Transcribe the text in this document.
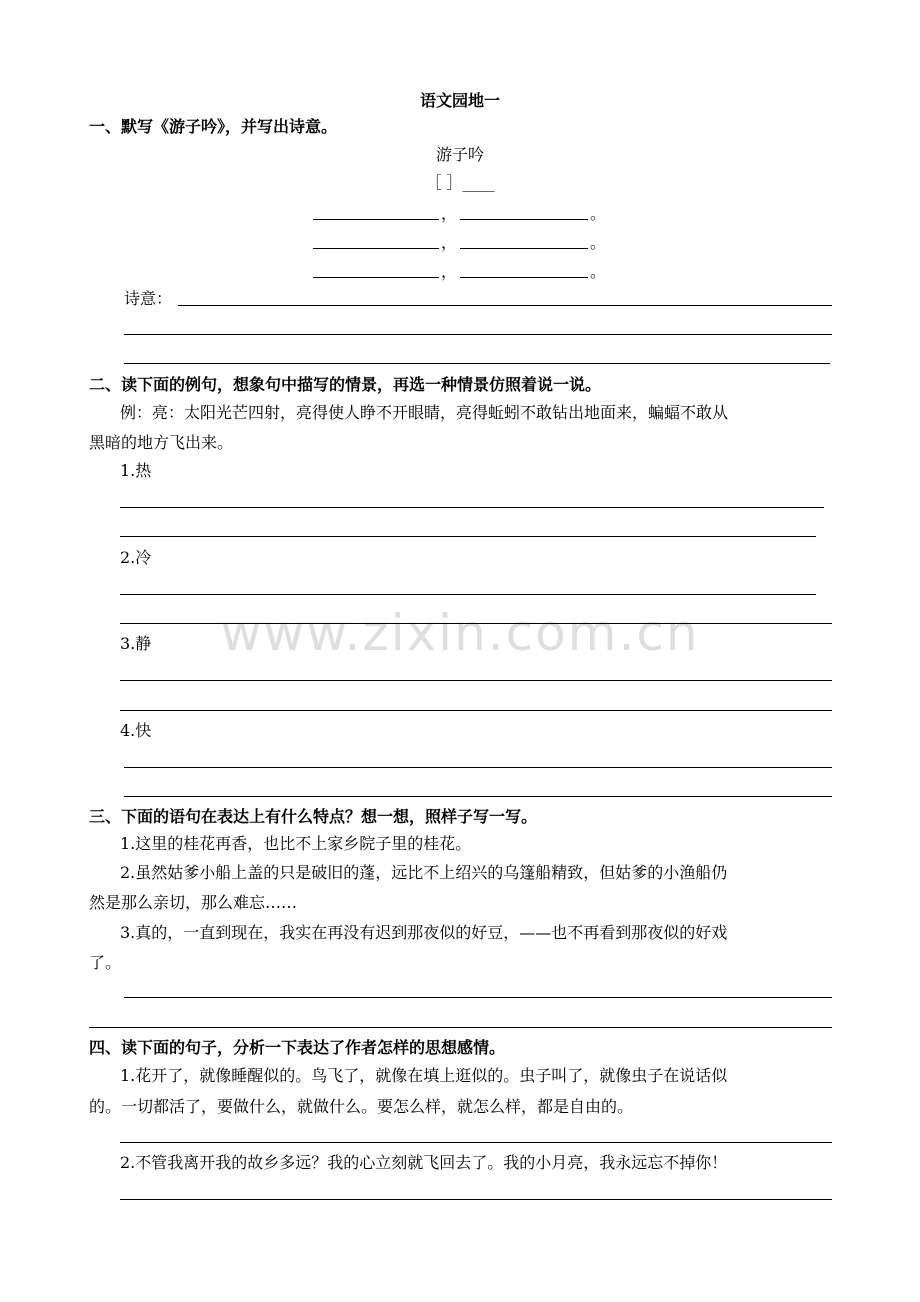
www.zixin.com.cn
语文园地一
一、默写《游子吟》，并写出诗意。
游子吟
［ ］____
，	。
，	。
，	。
诗意：
二、读下面的例句，想象句中描写的情景，再选一种情景仿照着说一说。
例：亮：太阳光芒四射，亮得使人睁不开眼睛，亮得蚯蚓不敢钻出地面来，蝙蝠不敢从
黑暗的地方飞出来。
1.热
2.冷
3.静
4.快
三、下面的语句在表达上有什么特点？想一想，照样子写一写。
1.这里的桂花再香，也比不上家乡院子里的桂花。
2.虽然姑爹小船上盖的只是破旧的蓬，远比不上绍兴的乌篷船精致，但姑爹的小渔船仍
然是那么亲切，那么难忘……
3.真的，一直到现在，我实在再没有迟到那夜似的好豆，——也不再看到那夜似的好戏
了。
四、读下面的句子，分析一下表达了作者怎样的思想感情。
1.花开了，就像睡醒似的。鸟飞了，就像在填上逛似的。虫子叫了，就像虫子在说话似
的。一切都活了，要做什么，就做什么。要怎么样，就怎么样，都是自由的。
2.不管我离开我的故乡多远？我的心立刻就飞回去了。我的小月亮，我永远忘不掉你！
